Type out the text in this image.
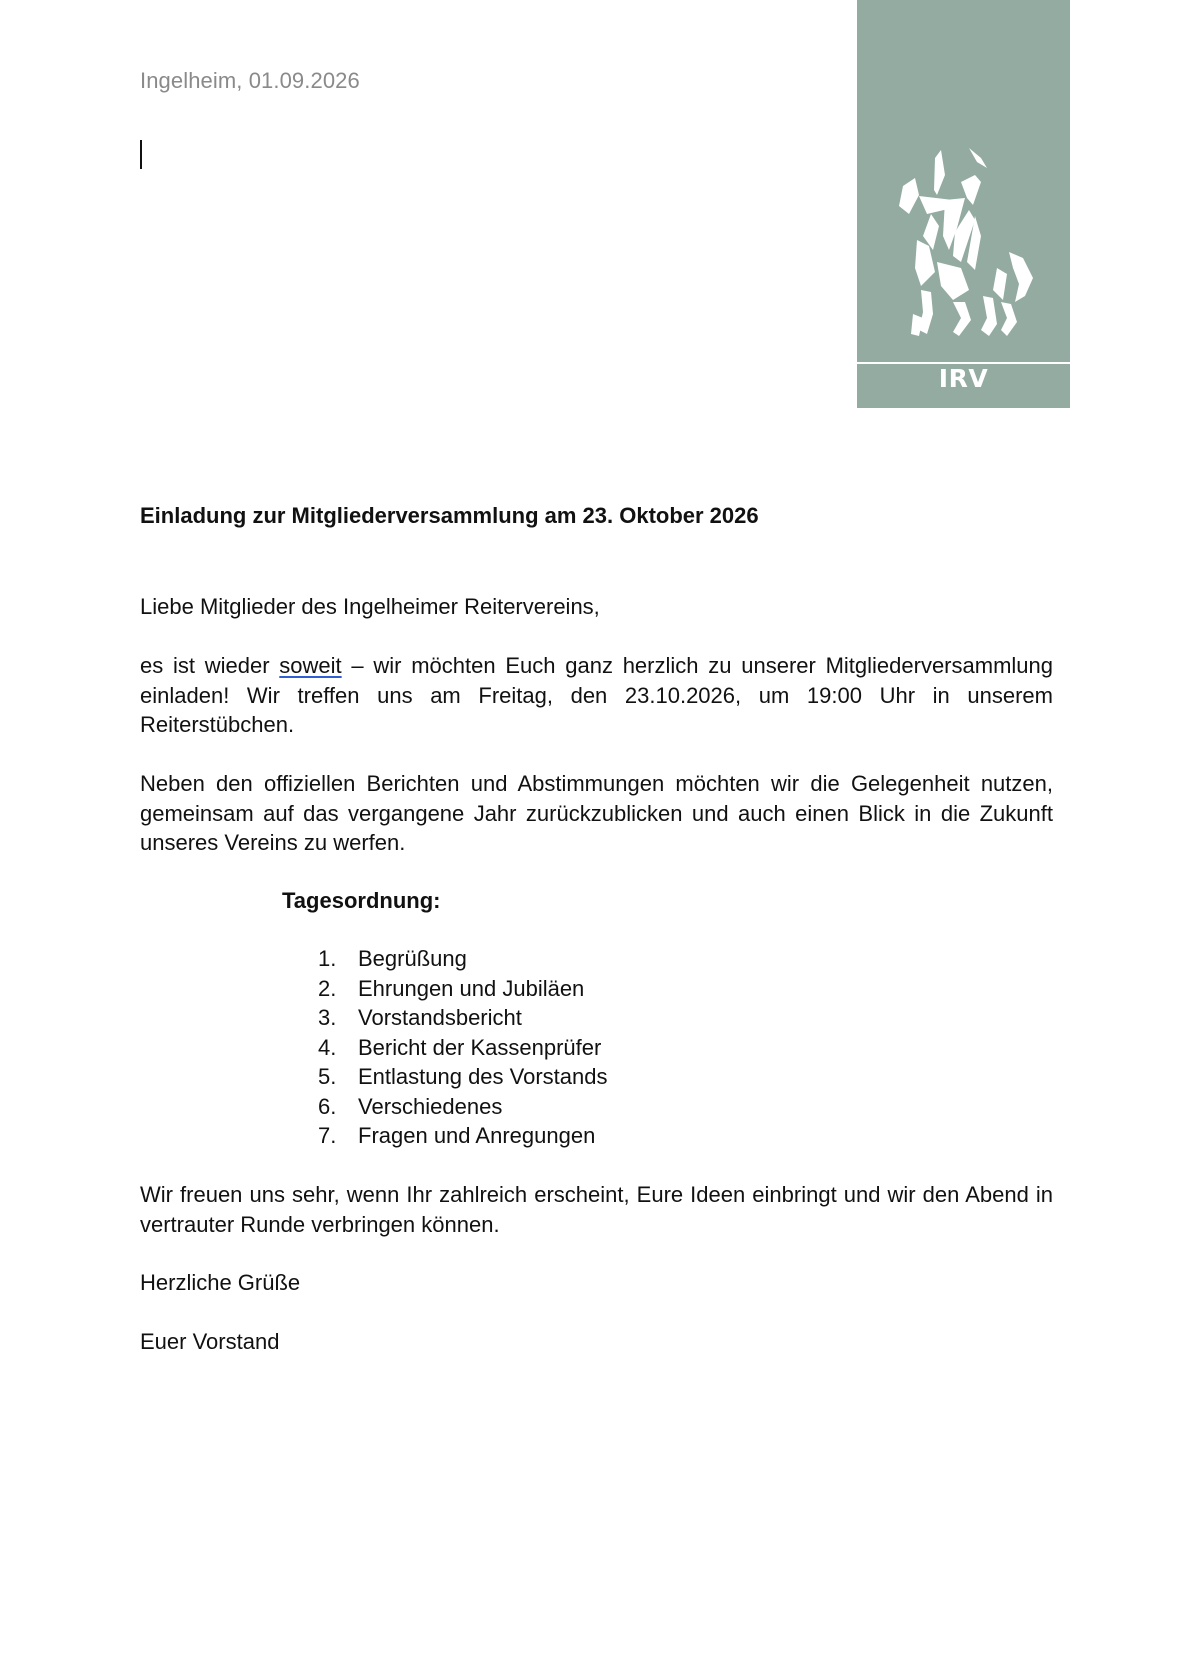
Ingelheim, 01.09.2026
IRV
Einladung zur Mitgliederversammlung am 23. Oktober 2026

Liebe Mitglieder des Ingelheimer Reitervereins,

es ist wieder soweit – wir möchten Euch ganz herzlich zu unserer Mitgliederversammlung einladen! Wir treffen uns am Freitag, den 23.10.2026, um 19:00 Uhr in unserem Reiterstübchen.

Neben den offiziellen Berichten und Abstimmungen möchten wir die Gelegenheit nutzen, gemeinsam auf das vergangene Jahr zurückzublicken und auch einen Blick in die Zukunft unseres Vereins zu werfen.

Tagesordnung:
1. Begrüßung
2. Ehrungen und Jubiläen
3. Vorstandsbericht
4. Bericht der Kassenprüfer
5. Entlastung des Vorstands
6. Verschiedenes
7. Fragen und Anregungen

Wir freuen uns sehr, wenn Ihr zahlreich erscheint, Eure Ideen einbringt und wir den Abend in vertrauter Runde verbringen können.

Herzliche Grüße

Euer Vorstand
